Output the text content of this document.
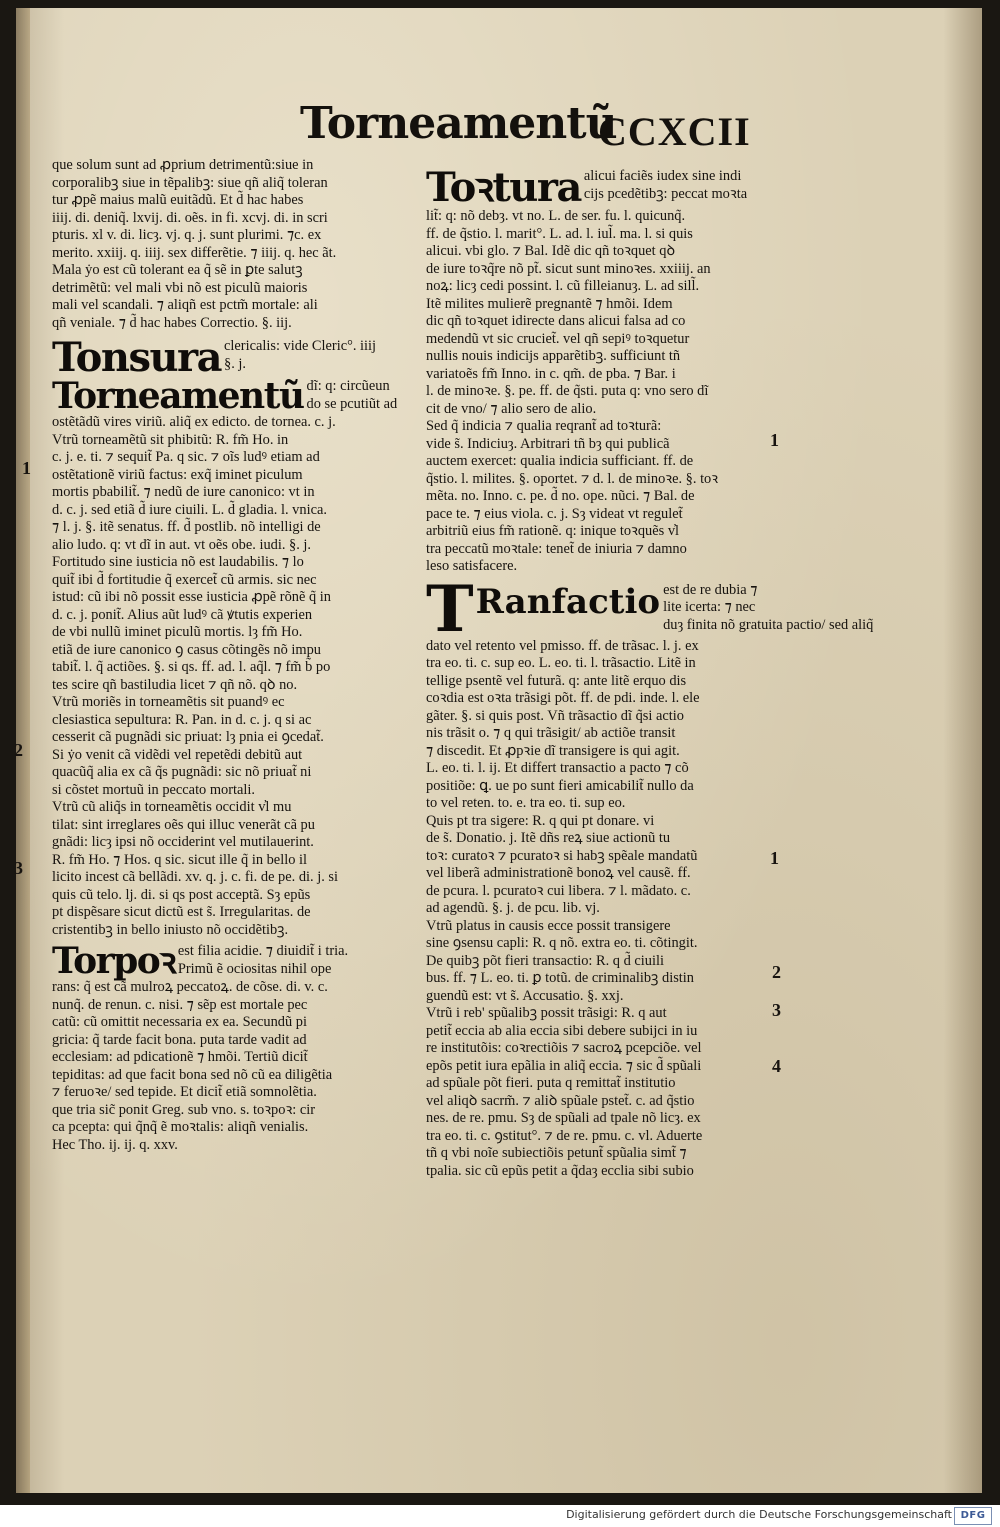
Torneamentũ
CCXCII
que solum sunt ad ꝓprium detrimentũ:siue in
corporalibꝫ siue in tẽpalibꝫ: siue qñ aliq̃ toleran
tur ꝓpẽ maius malũ euitãdũ. Et d̃ hac habes
iiij. di. deniq̃. lxvij. di. oẽs. in fi. xcvj. di. in scri
pturis. xl v. di. licȝ. vj. q. j. sunt plurimi. ⁊c. ex
merito. xxiij. q. iiij. sex differẽtie. ⁊ iiij. q. hec ãt.
Mala ẏo est cũ tolerant ea q̃ sẽ in ꝑte salutꝫ
detrimẽtũ: vel mali vbi nõ est piculũ maioris
mali vel scandali. ⁊ aliqñ est pctm̃ mortale: ali
qñ veniale. ⁊ d̃ hac habes Correctio. §. iij.
Tonsura clericalis: vide Cleric°. iiij
§. j.
Torneamentũ dĩ: q: circũeun
do se pcutiũt ad
ostẽtãdũ vires viriũ. aliq̃ ex edicto. de tornea. c. j.
Vtrũ torneamẽtũ sit phibitũ: R. fm̃ Ho. in
c. j. e. ti. ⁊ sequit̃ Pa. q sic. ⁊ oĩs ludꝰ etiam ad
ostẽtationẽ viriũ factus: exq̃ iminet piculum
mortis pbabilit̃. ⁊ nedũ de iure canonico: vt in
d. c. j. sed etiã d̃ iure ciuili. L. d̃ gladia. l. vnica.
⁊ l. j. §. itẽ senatus. ff. d̃ postlib. nõ intelligi de
alio ludo. q: vt dĩ in aut. vt oẽs obe. iudi. §. j.
Fortitudo sine iusticia nõ est laudabilis. ⁊ lo
quit̃ ibi d̃ fortitudie q̃ exercet̃ cũ armis. sic nec
istud: cũ ibi nõ possit esse iusticia ꝓpẽ rõnẽ q̃ in
d. c. j. ponit̃. Alius aũt ludꝰ cã ꝟtutis experien
de vbi nullũ iminet piculũ mortis. lȝ fm̃ Ho.
etiã de iure canonico ꝯ casus cõtingẽs nõ impu
tabit̃. l. q̃ actiões. §. si qs. ff. ad. l. aq̃l. ⁊ fm̃ b̃ po
tes scire qñ bastiludia licet ⁊ qñ nõ. qꝺ no.
Vtrũ moriẽs in torneamẽtis sit puandꝰ ec
clesiastica sepultura: R. Pan. in d. c. j. q si ac
cesserit cã pugnãdi sic priuat: lȝ pnia ei ꝯcedat̃.
Si ẏo venit cã vidẽdi vel repetẽdi debitũ aut
quacũq̃ alia ex cã q̃s pugnãdi: sic nõ priuat̃ ni
si cõstet mortuũ in peccato mortali.
Vtrũ cũ aliq̃s in torneamẽtis occidit v̓l mu
tilat: sint irreglares oẽs qui illuc venerãt cã pu
gnãdi: licȝ ipsi nõ occiderint vel mutilauerint.
R. fm̃ Ho. ⁊ Hos. q sic. sicut ille q̃ in bello il
licito incest cã bellãdi. xv. q. j. c. fi. de pe. di. j. si
quis cũ telo. lj. di. si qs post acceptã. Sȝ epũs
pt dispẽsare sicut dictũ est s̃. Irregularitas. de
cristentibꝫ in bello iniusto nõ occidẽtibꝫ.
Torpoꝛ est filia acidie. ⁊ diuidit̃ i tria.
Primũ ẽ ociositas nihil ope
rans: q̃ est cã mulroꝝ peccatoꝝ. de cõse. di. v. c.
nunq̃. de renun. c. nisi. ⁊ sẽp est mortale pec
catũ: cũ omittit necessaria ex ea. Secundũ pi
gricia: q̃ tarde facit bona. puta tarde vadit ad
ecclesiam: ad pdicationẽ ⁊ hmõi. Tertiũ dicit̃
tepiditas: ad que facit bona sed nõ cũ ea diligẽtia
⁊ feruoꝛe/ sed tepide. Et dicit̃ etiã somnolẽtia.
que tria sic̃ ponit Greg. sub vno. s. toꝛpoꝛ: cir
ca pcepta: qui q̃nq̃ ẽ moꝛtalis: aliqñ venialis.
Hec Tho. ij. ij. q. xxv.
1
2
3
Toꝛtura alicui faciẽs iudex sine indi
cijs pcedẽtibꝫ: peccat moꝛta
lit̃: q: nõ debȝ. vt no. L. de ser. fu. l. quicunq̃.
ff. de q̃stio. l. marit°. L. ad. l. iul̃. ma. l. si quis
alicui. vbi glo. ⁊ Bal. Idẽ dic qñ toꝛquet qꝺ
de iure toꝛq̃re nõ pt̃. sicut sunt minoꝛes. xxiiij. an
noꝝ: licȝ cedi possint. l. cũ filleianuȝ. L. ad sill̃.
Itẽ milites mulierẽ pregnantẽ ⁊ hmõi. Idem
dic qñ toꝛquet idirecte dans alicui falsa ad co
medendũ vt sic cruciet̃. vel qñ sepiꝰ toꝛquetur
nullis nouis indicijs apparẽtibꝫ. sufficiunt tñ
variatoẽs fm̃ Inno. in c. qm̃. de pba. ⁊ Bar. i
l. de minoꝛe. §. pe. ff. de q̃sti. puta q: vno sero dĩ
cit de vno/ ⁊ alio sero de alio.
Sed q̃ indicia ⁊ qualia reqrant̃ ad toꝛturã:
vide s̃. Indiciuȝ. Arbitrari tñ bȝ qui publicã
auctem exercet: qualia indicia sufficiant. ff. de
q̃stio. l. milites. §. oportet. ⁊ d. l. de minoꝛe. §. toꝛ
mẽta. no. Inno. c. pe. d̃ no. ope. nũci. ⁊ Bal. de
pace te. ⁊ eius viola. c. j. Sȝ videat vt regulet̃
arbitriũ eius fm̃ rationẽ. q: inique toꝛquẽs v̓l
tra peccatũ moꝛtale: tenet̃ de iniuria ⁊ damno
leso satisfacere.
T Ranfactio est de re dubia ⁊
lite icerta: ⁊ nec
duȝ finita nõ gratuita pactio/ sed aliq̃
dato vel retento vel pmisso. ff. de trãsac. l. j. ex
tra eo. ti. c. sup eo. L. eo. ti. l. trãsactio. Litẽ in
tellige psentẽ vel futurã. q: ante litẽ erquo dis
coꝛdia est oꝛta trãsigi põt. ff. de pdi. inde. l. ele
gãter. §. si quis post. Vñ trãsactio dĩ q̃si actio
nis trãsit o. ⁊ q qui trãsigit/ ab actiõe transit
⁊ discedit. Et ꝓpꝛie dĩ transigere is qui agit.
L. eo. ti. l. ij. Et differt transactio a pacto ⁊ cõ
positiõe: ꝗ. ue po sunt fieri amicabilit̃ nullo da
to vel reten. to. e. tra eo. ti. sup eo.
Quis pt tra sigere: R. q qui pt donare. vi
de s̃. Donatio. j. Itẽ dñs reꝝ siue actionũ tu
toꝛ: curatoꝛ ⁊ pcuratoꝛ si habꝫ spẽale mandatũ
vel liberã administrationẽ bonoꝝ vel causẽ. ff.
de pcura. l. pcuratoꝛ cui libera. ⁊ l. mãdato. c.
ad agendũ. §. j. de pcu. lib. vj.
Vtrũ platus in causis ecce possit transigere
sine ꝯsensu capli: R. q nõ. extra eo. ti. cõtingit.
De quibꝫ põt fieri transactio: R. q d̃ ciuili
bus. ff. ⁊ L. eo. ti. ꝑ totũ. de criminalibꝫ distin
guendũ est: vt s̃. Accusatio. §. xxj.
Vtrũ i reb' spũalibꝫ possit trãsigi: R. q aut
petit̃ eccia ab alia eccia sibi debere subijci in iu
re institutõis: coꝛrectiõis ⁊ sacroꝝ pcepciõe. vel
epõs petit iura epãlia in aliq̃ eccia. ⁊ sic d̃ spũali
ad spũale põt fieri. puta q remittat̃ institutio
vel aliqꝺ sacrm̃. ⁊ aliꝺ spũale pstet̃. c. ad q̃stio
nes. de re. pmu. Sȝ de spũali ad tpale nõ licȝ. ex
tra eo. ti. c. ꝯstitut°. ⁊ de re. pmu. c. vl. Aduerte
tñ q vbi noĩe subiectiõis petunt̃ spũalia simt̃ ⁊
tpalia. sic cũ epũs petit a q̃daȝ ecclia sibi subio
1
1
2
3
4
Digitalisierung gefördert durch die Deutsche Forschungsgemeinschaft DFG
